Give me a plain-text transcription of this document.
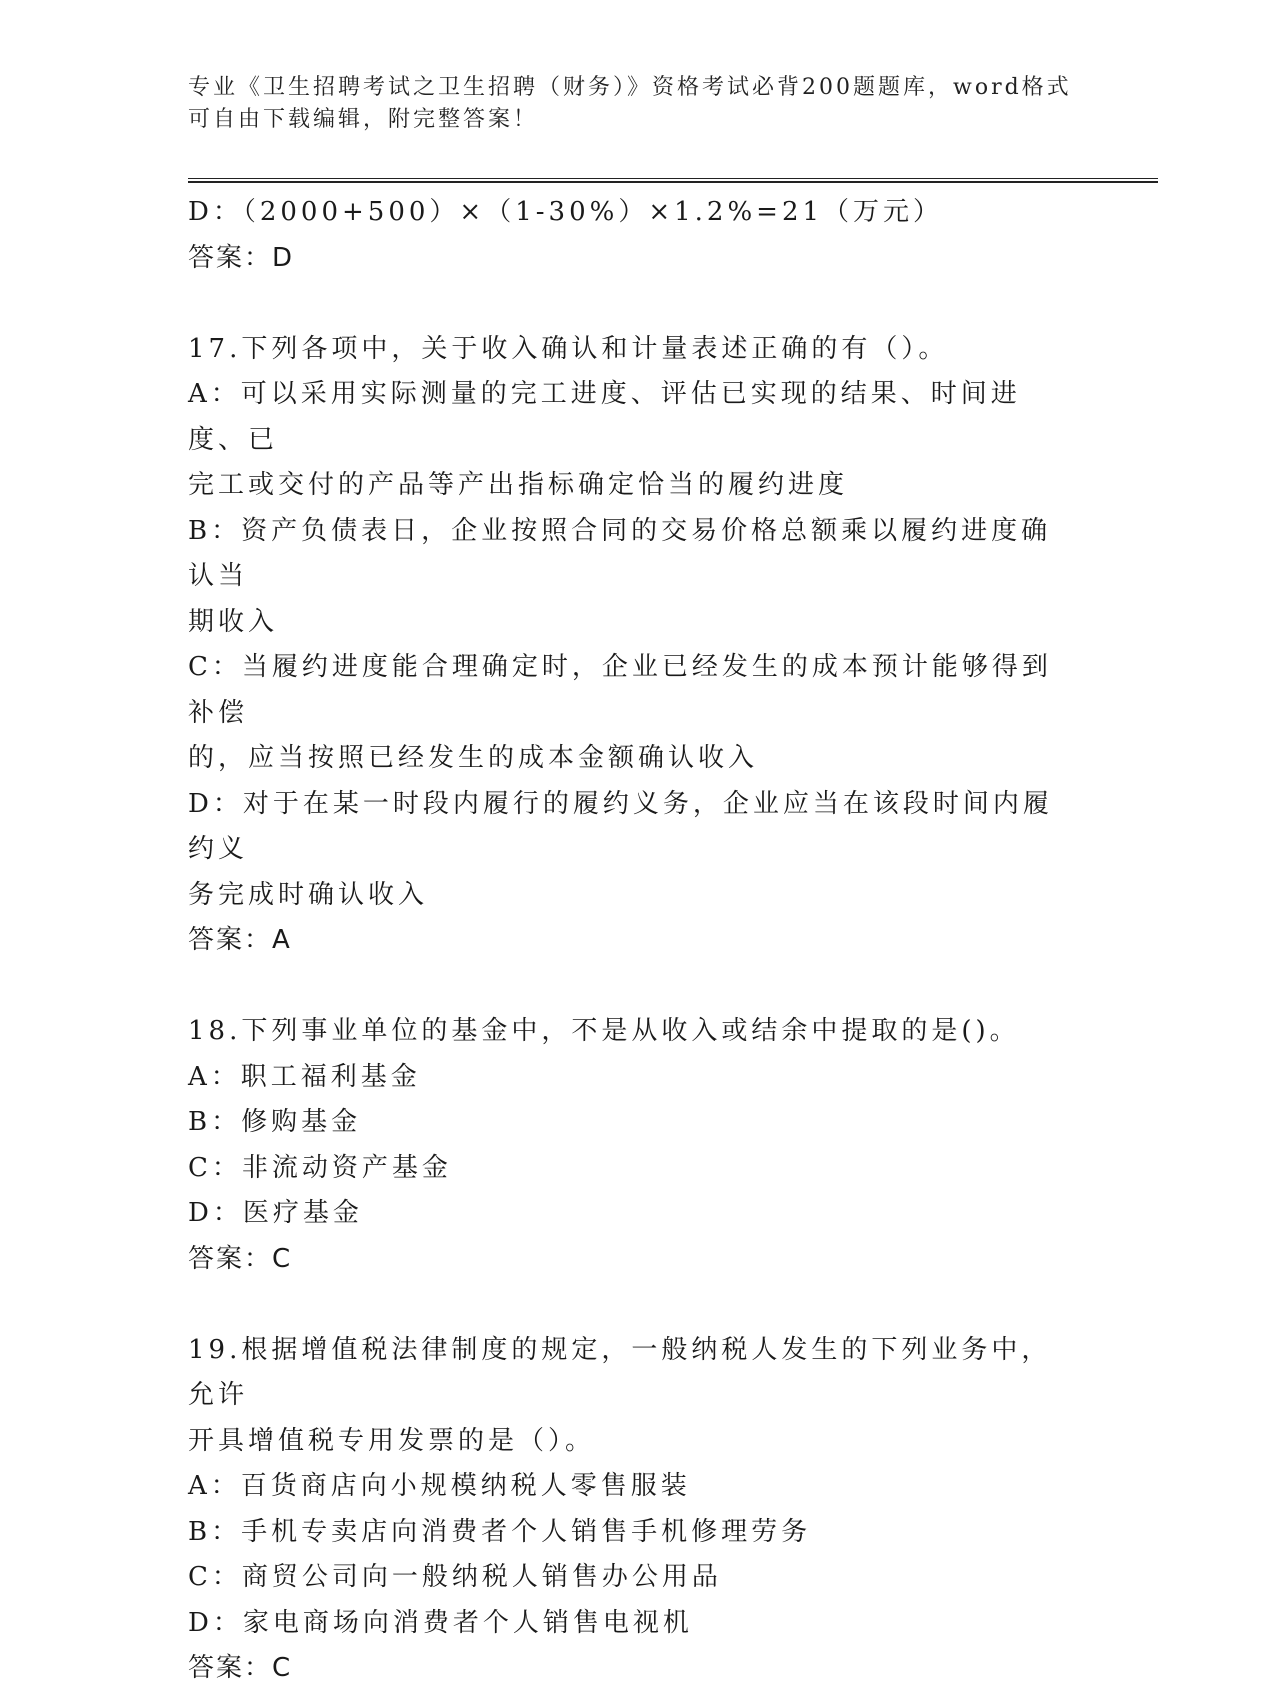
专业《卫生招聘考试之卫生招聘（财务）》资格考试必背200题题库，word格式
可自由下载编辑，附完整答案！
D：（2000+500）×（1-30%）×1.2%=21（万元）
答案：D
17.下列各项中，关于收入确认和计量表述正确的有（）。
A：可以采用实际测量的完工进度、评估已实现的结果、时间进度、已
完工或交付的产品等产出指标确定恰当的履约进度
B：资产负债表日，企业按照合同的交易价格总额乘以履约进度确认当
期收入
C：当履约进度能合理确定时，企业已经发生的成本预计能够得到补偿
的，应当按照已经发生的成本金额确认收入
D：对于在某一时段内履行的履约义务，企业应当在该段时间内履约义
务完成时确认收入
答案：A
18.下列事业单位的基金中，不是从收入或结余中提取的是()。
A：职工福利基金
B：修购基金
C：非流动资产基金
D：医疗基金
答案：C
19.根据增值税法律制度的规定，一般纳税人发生的下列业务中，允许
开具增值税专用发票的是（）。
A：百货商店向小规模纳税人零售服装
B：手机专卖店向消费者个人销售手机修理劳务
C：商贸公司向一般纳税人销售办公用品
D：家电商场向消费者个人销售电视机
答案：C
